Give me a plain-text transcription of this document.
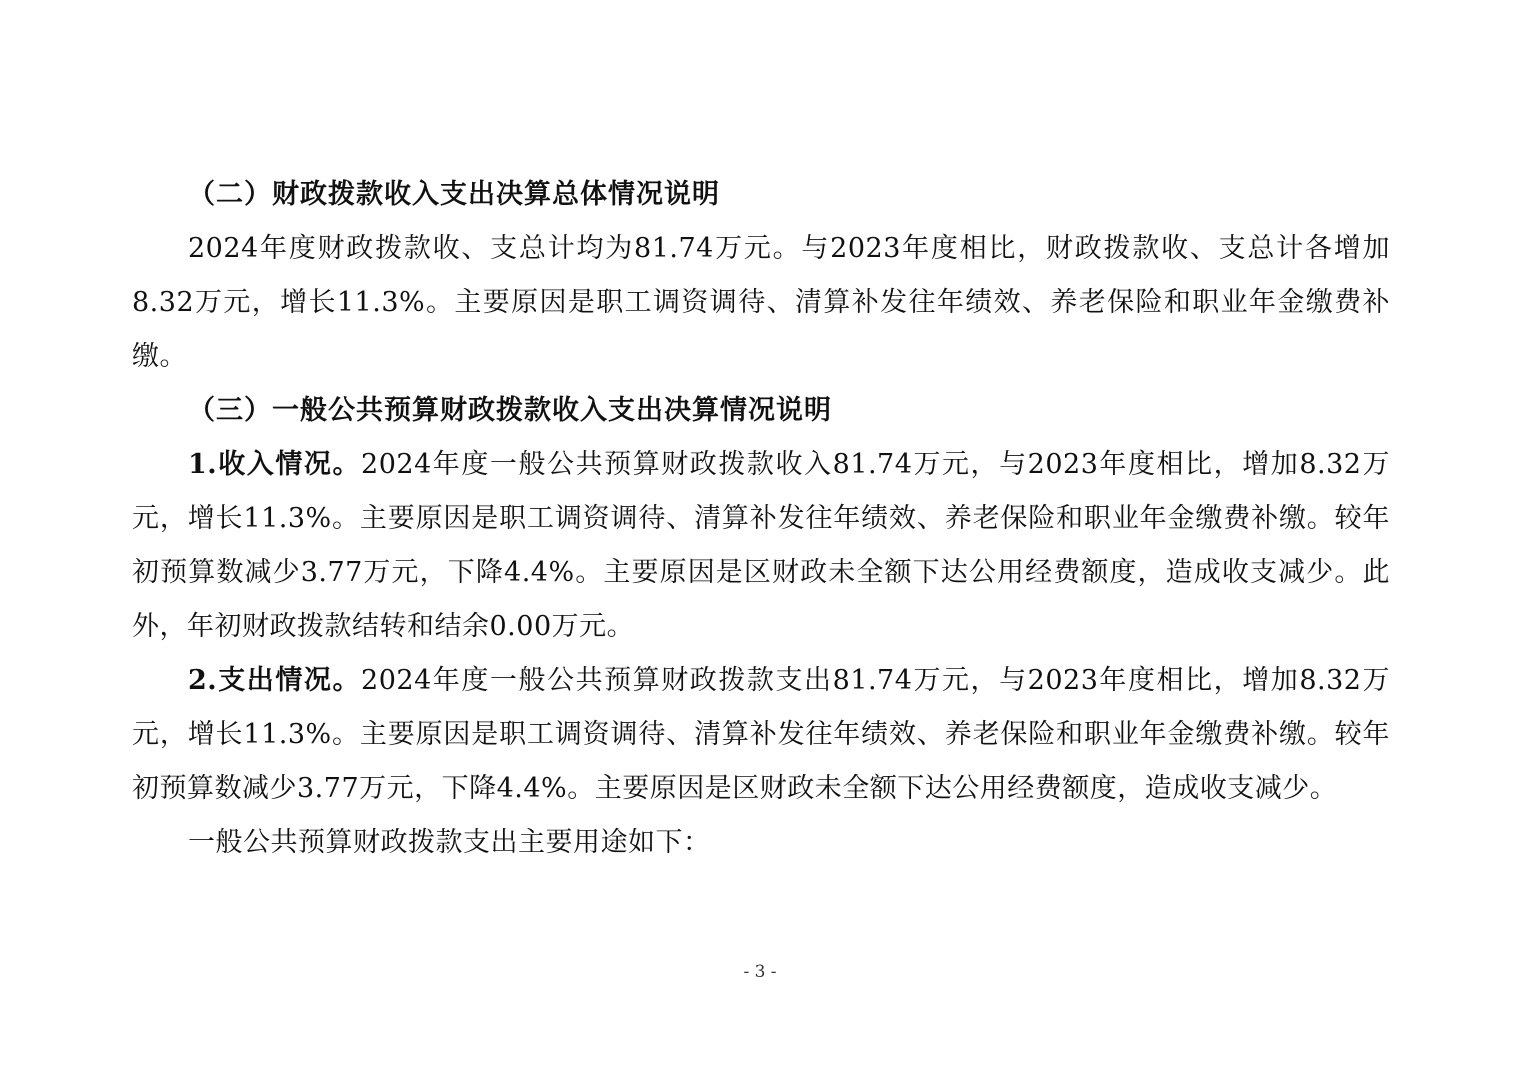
（二）财政拨款收入支出决算总体情况说明

2024年度财政拨款收、支总计均为81.74万元。与2023年度相比，财政拨款收、支总计各增加8.32万元，增长11.3%。主要原因是职工调资调待、清算补发往年绩效、养老保险和职业年金缴费补缴。

（三）一般公共预算财政拨款收入支出决算情况说明

1.收入情况。2024年度一般公共预算财政拨款收入81.74万元，与2023年度相比，增加8.32万元，增长11.3%。主要原因是职工调资调待、清算补发往年绩效、养老保险和职业年金缴费补缴。较年初预算数减少3.77万元，下降4.4%。主要原因是区财政未全额下达公用经费额度，造成收支减少。此外，年初财政拨款结转和结余0.00万元。

2.支出情况。2024年度一般公共预算财政拨款支出81.74万元，与2023年度相比，增加8.32万元，增长11.3%。主要原因是职工调资调待、清算补发往年绩效、养老保险和职业年金缴费补缴。较年初预算数减少3.77万元，下降4.4%。主要原因是区财政未全额下达公用经费额度，造成收支减少。

一般公共预算财政拨款支出主要用途如下：

- 3 -
